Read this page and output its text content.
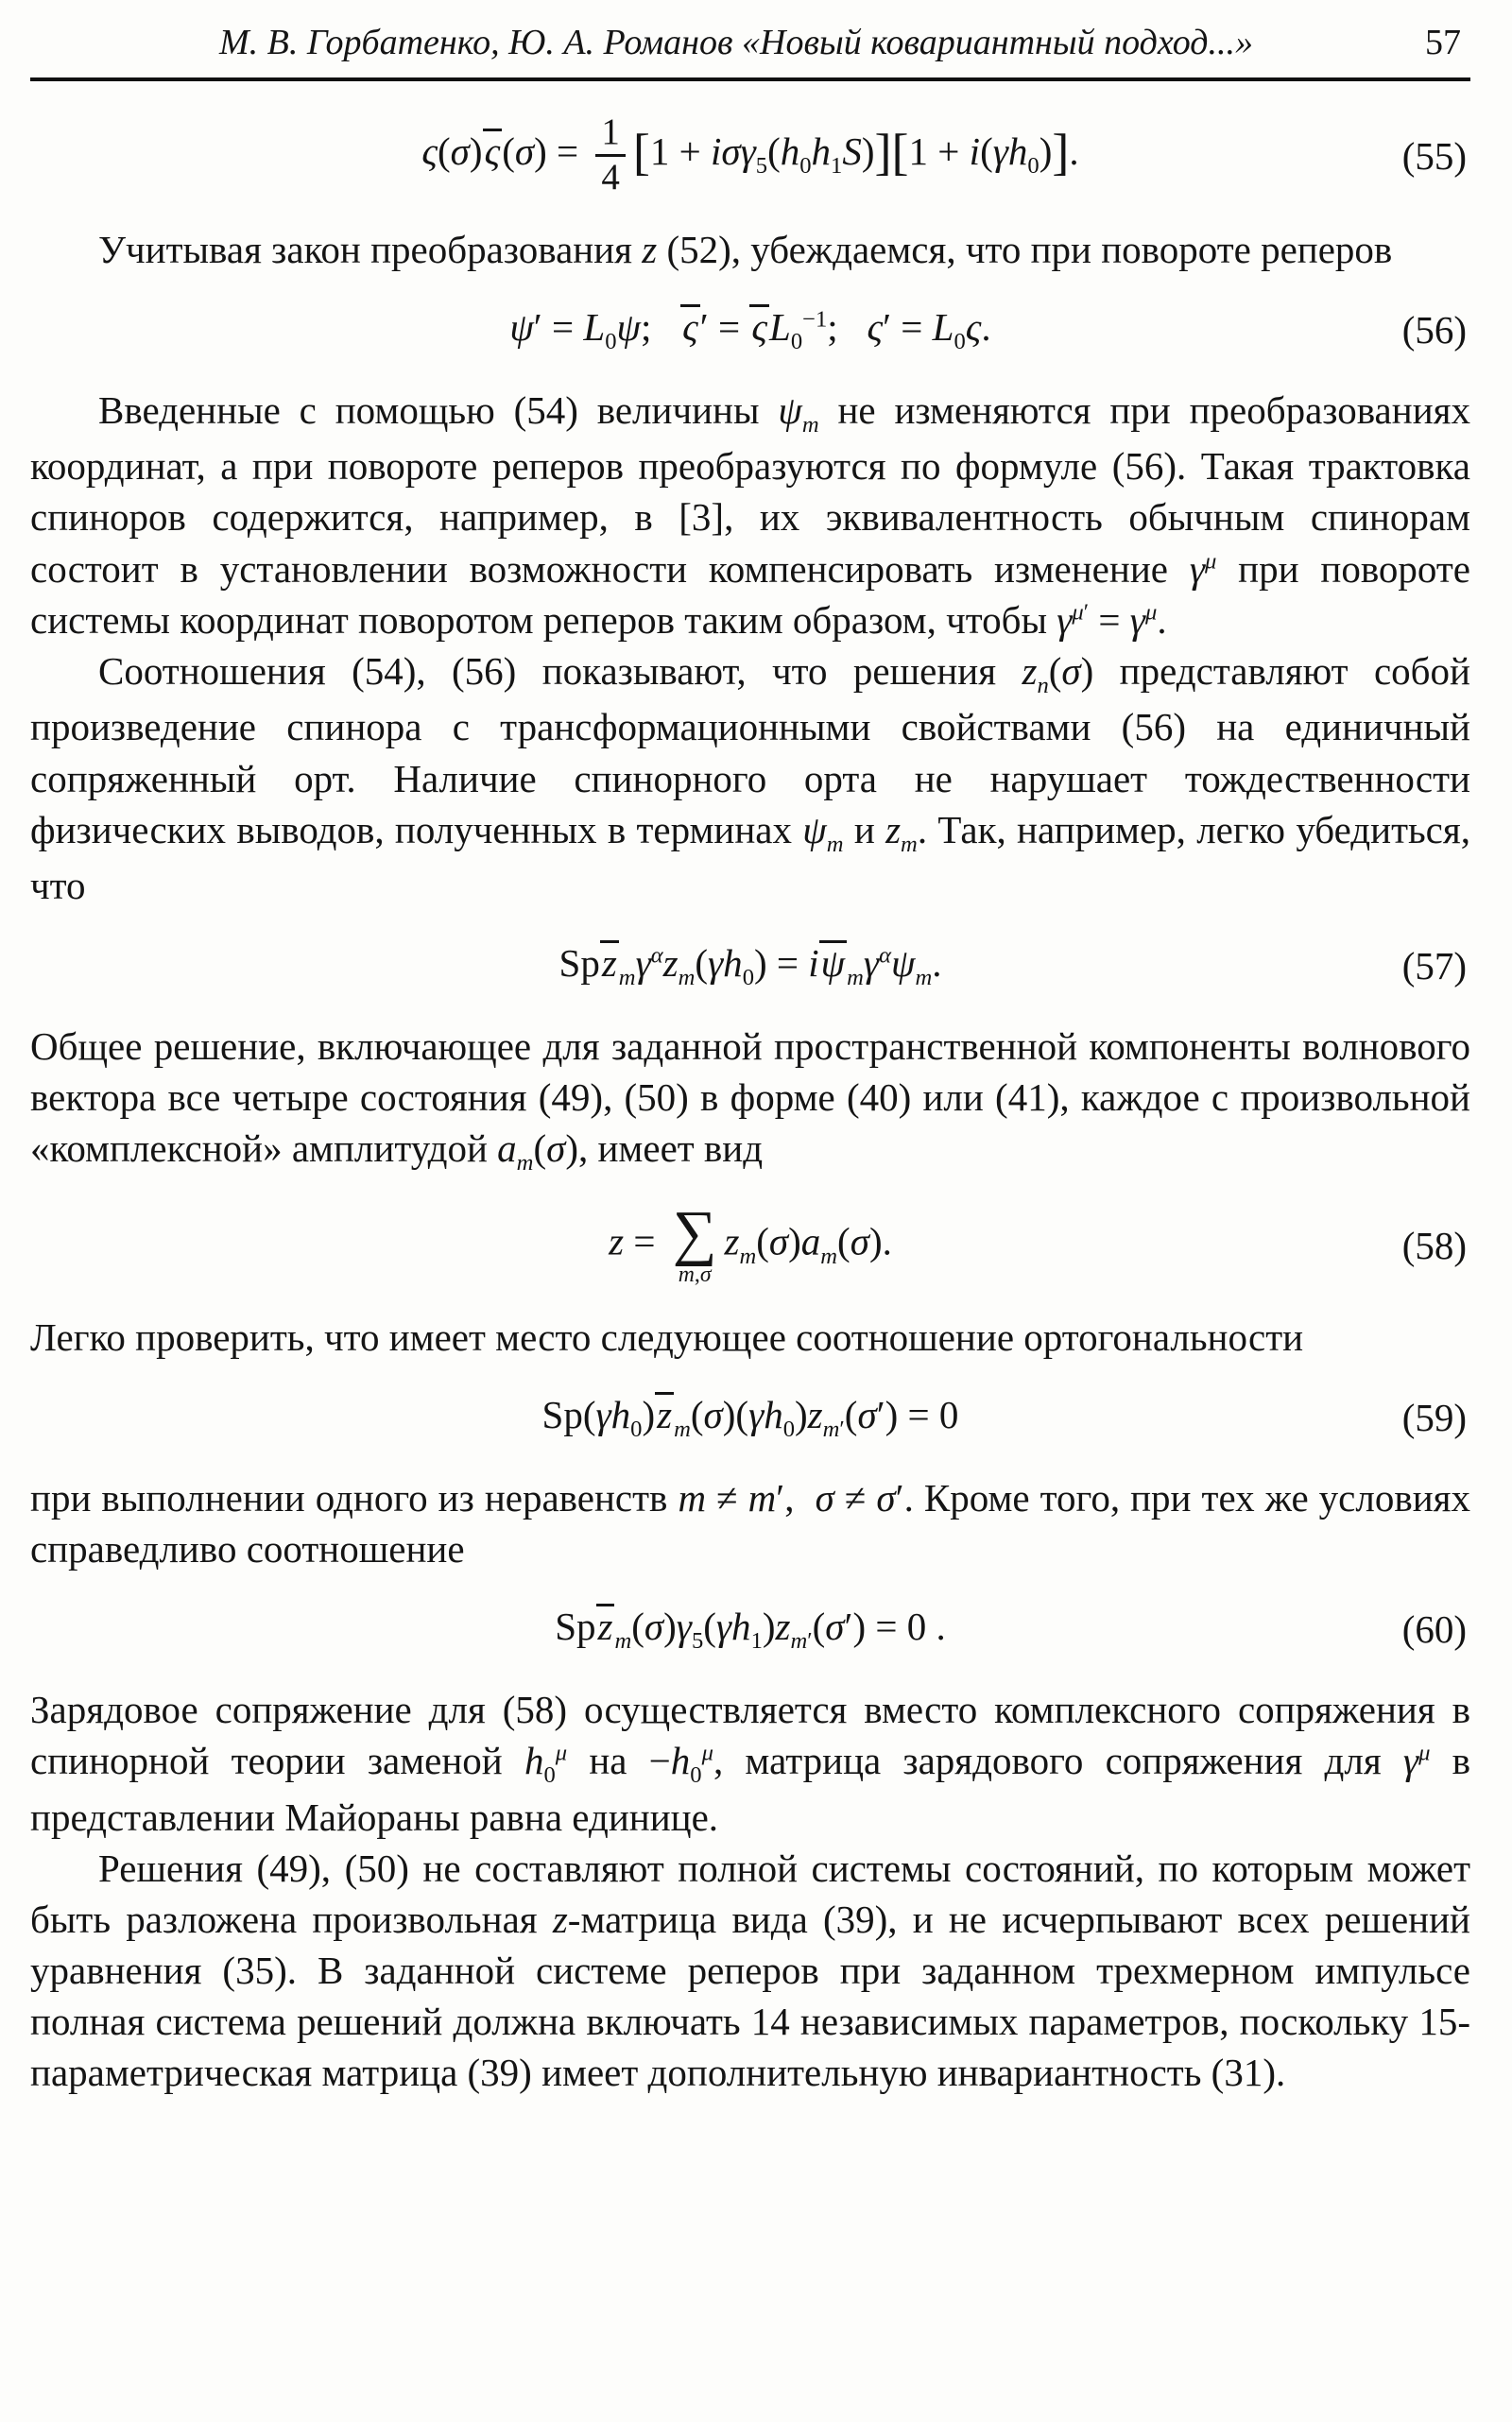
М. В. Горбатенко, Ю. А. Романов «Новый ковариантный подход...»	57
$\varsigma(\sigma)\varsigma(\sigma) = \frac{1}{4} [1 + i\sigma\gamma_5(h_0h_1S)][1 + i(\gamma h_0)]$.	(55)

Учитывая закон преобразования z (52), убеждаемся, что при повороте реперов

$\psi' = L_0\psi$;  $\varsigma' = \varsigma L_0^{-1}$;  $\varsigma' = L_0\varsigma$.	(56)

Введенные с помощью (54) величины $\psi_m$ не изменяются при преобразованиях координат, а при повороте реперов преобразуются по формуле (56). Такая трактовка спиноров содержится, например, в [3], их эквивалентность обычным спинорам состоит в установлении возможности компенсировать изменение $\gamma^\mu$ при повороте системы координат поворотом реперов таким образом, чтобы $\gamma^{\mu'} = \gamma^\mu$.

Соотношения (54), (56) показывают, что решения $z_n(\sigma)$ представляют собой произведение спинора с трансформационными свойствами (56) на единичный сопряженный орт. Наличие спинорного орта не нарушает тождественности физических выводов, полученных в терминах $\psi_m$ и $z_m$. Так, например, легко убедиться, что

$Spz_m\gamma^\alpha z_m(\gamma h_0) = i\psi_m\gamma^\alpha\psi_m$.	(57)

Общее решение, включающее для заданной пространственной компоненты волнового вектора все четыре состояния (49), (50) в форме (40) или (41), каждое с произвольной «комплексной» амплитудой $a_m(\sigma)$, имеет вид

z = ∑
m,σ
$z_m(\sigma)a_m(\sigma)$.	(58)

Легко проверить, что имеет место следующее соотношение ортогональности

$Sp(\gamma h_0)z_m(\sigma)(\gamma h_0)z_{m'}(\sigma') = 0$	(59)

при выполнении одного из неравенств m ≠ m′,  σ ≠ σ′. Кроме того, при тех же условиях справедливо соотношение

$Spz_m(\sigma)\gamma_5(\gamma h_1)z_{m'}(\sigma') = 0$ .	(60)

Зарядовое сопряжение для (58) осуществляется вместо комплексного сопряжения в спинорной теории заменой $h_0^\mu$ на $-h_0^\mu$, матрица зарядового сопряжения для $\gamma^\mu$ в представлении Майораны равна единице.

Решения (49), (50) не составляют полной системы состояний, по которым может быть разложена произвольная z-матрица вида (39), и не исчерпывают всех решений уравнения (35). В заданной системе реперов при заданном трехмерном импульсе полная система решений должна включать 14 независимых параметров, поскольку 15-параметрическая матрица (39) имеет дополнительную инвариантность (31).
